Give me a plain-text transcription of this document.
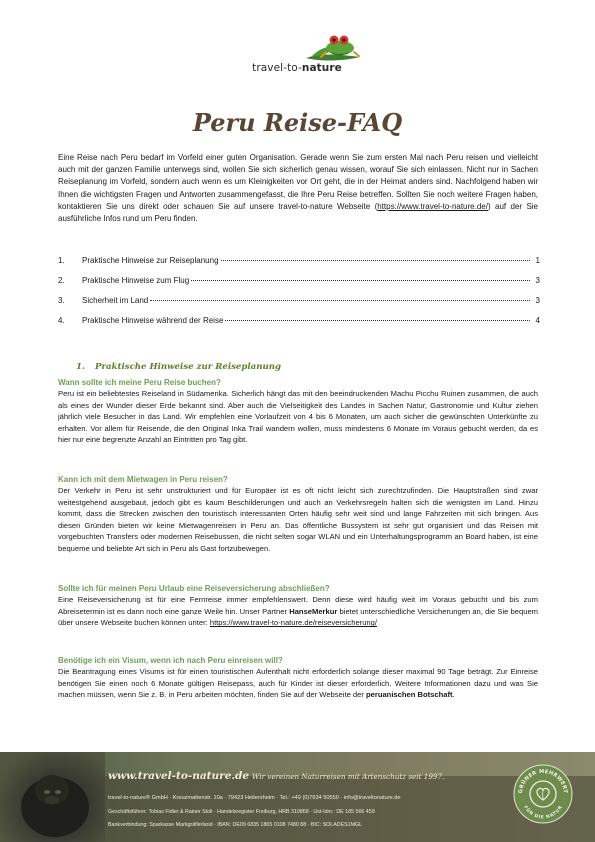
travel-to-nature
Peru Reise-FAQ
Eine Reise nach Peru bedarf im Vorfeld einer guten Organisation. Gerade wenn Sie zum ersten Mal nach Peru reisen und vielleicht auch mit der ganzen Familie unterwegs sind, wollen Sie sich sicherlich genau wissen, worauf Sie sich einlassen. Nicht nur in Sachen Reiseplanung im Vorfeld, sondern auch wenn es um Kleinigkeiten vor Ort geht, die in der Heimat anders sind. Nachfolgend haben wir Ihnen die wichtigsten Fragen und Antworten zusammengefasst, die Ihre Peru Reise betreffen. Sollten Sie noch weitere Fragen haben, kontaktieren Sie uns direkt oder schauen Sie auf unsere travel-to-nature Webseite (https://www.travel-to-nature.de/) auf der Sie ausführliche Infos rund um Peru finden.
1.	Praktische Hinweise zur Reiseplanung	1
2.	Praktische Hinweise zum Flug	3
3.	Sicherheit im Land	3
4.	Praktische Hinweise während der Reise	4
1. Praktische Hinweise zur Reiseplanung
Wann sollte ich meine Peru Reise buchen?
Peru ist ein beliebtestes Reiseland in Südamerika. Sicherlich hängt das mit den beeindruckenden Machu Picchu Ruinen zusammen, die auch als eines der Wunder dieser Erde bekannt sind. Aber auch die Vielseitigkeit des Landes in Sachen Natur, Gastronomie und Kultur ziehen jährlich viele Besucher in das Land. Wir empfehlen eine Vorlaufzeit von 4 bis 6 Monaten, um auch sicher die gewünschten Unterkünfte zu erhalten. Vor allem für Reisende, die den Original Inka Trail wandern wollen, muss mindestens 6 Monate im Voraus gebucht werden, da es hier nur eine begrenzte Anzahl an Eintritten pro Tag gibt.
Kann ich mit dem Mietwagen in Peru reisen?
Der Verkehr in Peru ist sehr unstrukturiert und für Europäer ist es oft nicht leicht sich zurechtzufinden. Die Hauptstraßen sind zwar weitestgehend ausgebaut, jedoch gibt es kaum Beschilderungen und auch an Verkehrsregeln halten sich die wenigsten im Land. Hinzu kommt, dass die Strecken zwischen den touristisch interessanten Orten häufig sehr weit sind und lange Fahrzeiten mit sich bringen. Aus diesen Gründen bieten wir keine Mietwagenreisen in Peru an. Das öffentliche Bussystem ist sehr gut organisiert und das Reisen mit vorgebuchten Transfers oder modernen Reisebussen, die nicht selten sogar WLAN und ein Unterhaltungsprogramm an Board haben, ist eine bequeme und beliebte Art sich in Peru als Gast fortzubewegen.
Sollte ich für meinen Peru Urlaub eine Reiseversicherung abschließen?
Eine Reiseversicherung ist für eine Fernreise immer empfehlenswert. Denn diese wird häufig weit im Voraus gebucht und bis zum Abreisetermin ist es dann noch eine ganze Weile hin. Unser Partner HanseMerkur bietet unterschiedliche Versicherungen an, die Sie bequem über unsere Webseite buchen können unter: https://www.travel-to-nature.de/reiseversicherung/
Benötige ich ein Visum, wenn ich nach Peru einreisen will?
Die Beantragung eines Visums ist für einen touristischen Aufenthalt nicht erforderlich solange dieser maximal 90 Tage beträgt. Zur Einreise benötigen Sie einen noch 6 Monate gültigen Reisepass, auch für Kinder ist dieser erforderlich. Weitere Informationen dazu und was Sie machen müssen, wenn Sie z. B. in Peru arbeiten möchten, finden Sie auf der Webseite der peruanischen Botschaft.
www.travel-to-nature.de Wir vereinen Naturreisen mit Artenschutz seit 1997.
travel-to-nature® GmbH · Kreuzmattenstr. 10a · 79423 Heitersheim · Tel.: +49 (0)7634 50550 · info@traveltonature.de
Geschäftsführer: Tobias Fidler & Rainer Stoll · Handelsregister Freiburg, HRB 310868 · Ust-Idnr.: DE 185 566 459
Bankverbindung: Sparkasse Markgräflerland · IBAN: DE09 6835 1865 0108 7480 88 · BIC: SOLADES1MGL
GRÜNER MEHRWERT
FÜR DIE NATUR
